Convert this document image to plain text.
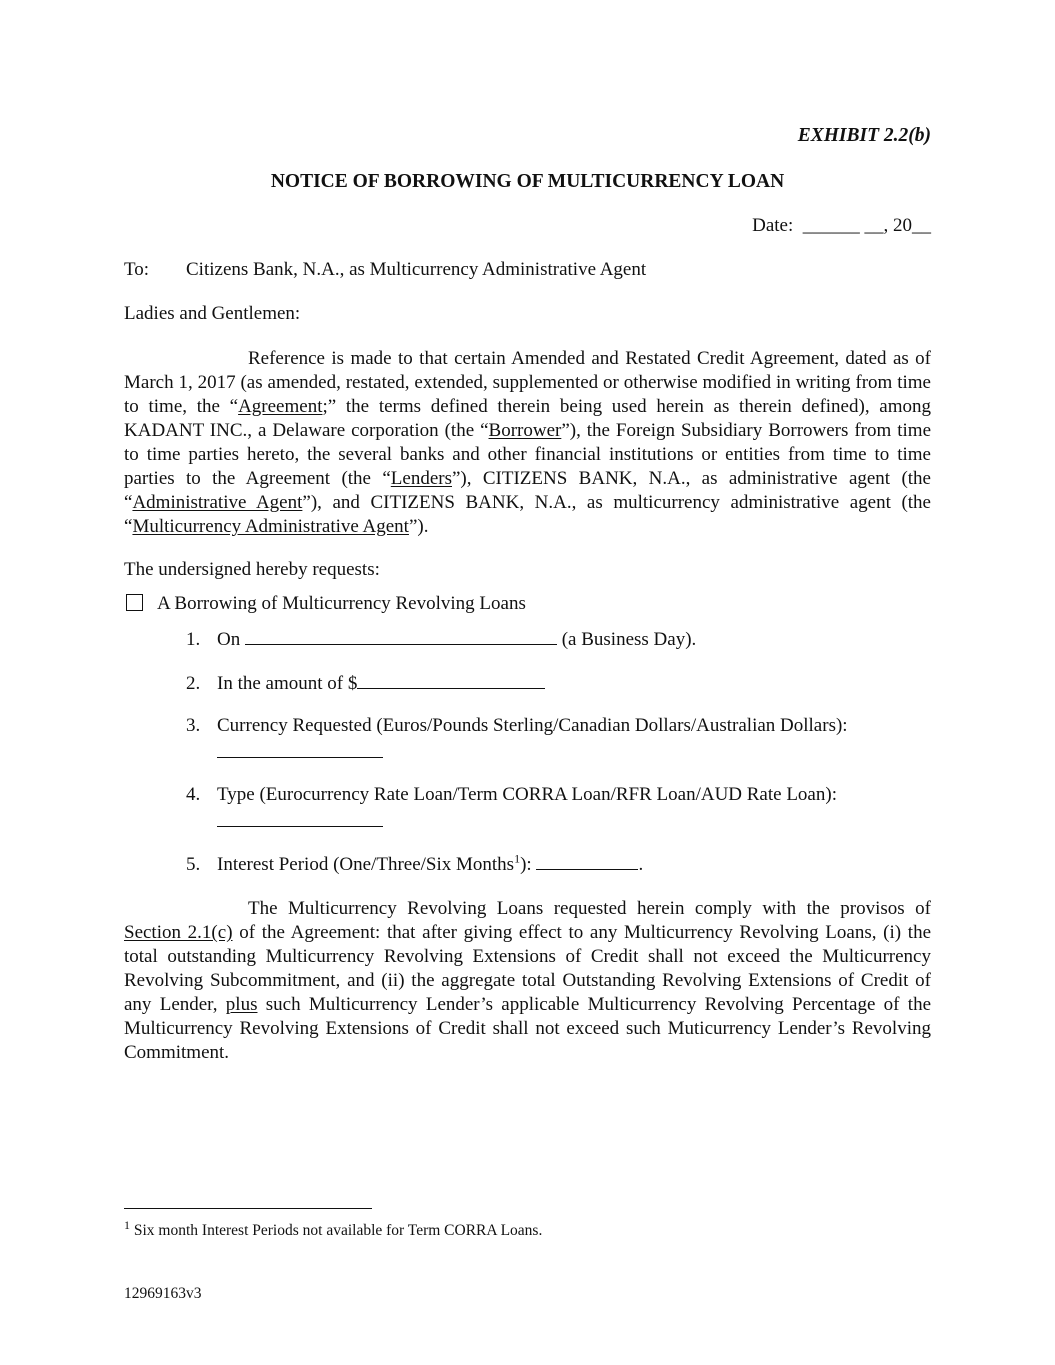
EXHIBIT 2.2(b)
NOTICE OF BORROWING OF MULTICURRENCY LOAN
Date: ______ __, 20__
To: Citizens Bank, N.A., as Multicurrency Administrative Agent
Ladies and Gentlemen:
Reference is made to that certain Amended and Restated Credit Agreement, dated as of March 1, 2017 (as amended, restated, extended, supplemented or otherwise modified in writing from time to time, the “Agreement;” the terms defined therein being used herein as therein defined), among KADANT INC., a Delaware corporation (the “Borrower”), the Foreign Subsidiary Borrowers from time to time parties hereto, the several banks and other financial institutions or entities from time to time parties to the Agreement (the “Lenders”), CITIZENS BANK, N.A., as administrative agent (the “Administrative Agent”), and CITIZENS BANK, N.A., as multicurrency administrative agent (the “Multicurrency Administrative Agent”).
The undersigned hereby requests:
A Borrowing of Multicurrency Revolving Loans
1. On	(a Business Day).
2. In the amount of $
3. Currency Requested (Euros/Pounds Sterling/Canadian Dollars/Australian Dollars):
4. Type (Eurocurrency Rate Loan/Term CORRA Loan/RFR Loan/AUD Rate Loan):
5. Interest Period (One/Three/Six Months$^1$):	.
The Multicurrency Revolving Loans requested herein comply with the provisos of Section 2.1(c) of the Agreement: that after giving effect to any Multicurrency Revolving Loans, (i) the total outstanding Multicurrency Revolving Extensions of Credit shall not exceed the Multicurrency Revolving Subcommitment, and (ii) the aggregate total Outstanding Revolving Extensions of Credit of any Lender, plus such Multicurrency Lender’s applicable Multicurrency Revolving Percentage of the Multicurrency Revolving Extensions of Credit shall not exceed such Muticurrency Lender’s Revolving Commitment.
$^1$ Six month Interest Periods not available for Term CORRA Loans.
12969163v3
